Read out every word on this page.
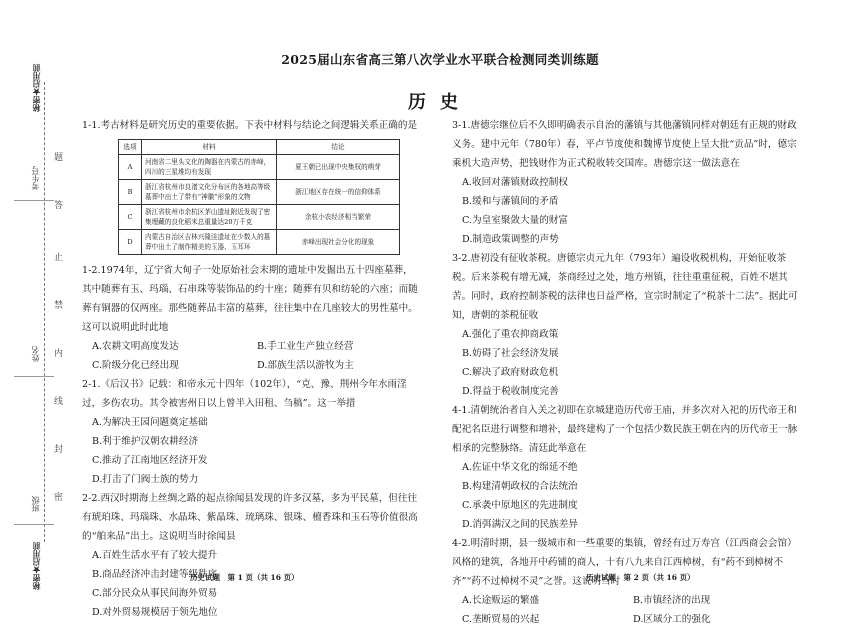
秘密★启用前
考生号
姓名
班级
秘密★启用前
题
答
止
禁
内
线
封
密
2025届山东省高三第八次学业水平联合检测同类训练题
历史
1-1.考古材料是研究历史的重要依据。下表中材料与结论之间逻辑关系正确的是
选项	材料	结论
A	河南省二里头文化的陶器在内蒙古的赤峰，四川的三星堆均有发现	夏王朝已出现中央集权的萌芽
B	浙江省杭州市良渚文化分布区的各地高等级墓葬中出土了带有“神徽”形象的文物	浙江地区存在统一的信仰体系
C	浙江省杭州市余杭区茅山遗址附近发现了密集埋藏的良化稻米总重量达20万千克	余杭小农经济相当繁荣
D	内蒙古自治区吉林兴隆洼遗址在少数人的墓葬中出土了制作精美的玉器、玉耳环	赤峰出现社会分化的现象
1-2.1974年，辽宁省大甸子一处原始社会末期的遗址中发掘出五十四座墓葬，其中随葬有玉、玛瑙、石串珠等装饰品的约十座；随葬有贝和纺轮的六座；而随葬有铜器的仅两座。那些随葬品丰富的墓葬，往往集中在几座较大的男性墓中。这可以说明此时此地
A.农耕文明高度发达	B.手工业生产独立经营
C.阶级分化已经出现	D.部族生活以游牧为主
2-1.《后汉书》记载：和帝永元十四年（102年），“克、豫、荆州今年水雨淫过，多伤农功。其令被害州日以上曾半入田租、刍稿”。这一举措
A.为解决王园问题奠定基础
B.利于维护汉朝农耕经济
C.推动了江南地区经济开发
D.打击了门阀士族的势力
2-2.西汉时期海上丝绸之路的起点徐闻县发现的许多汉墓，多为平民墓，但往往有琥珀珠、玛瑙珠、水晶珠、紫晶珠、琉璃珠、银珠、檀香珠和玉石等价值很高的“舶来品”出土。这说明当时徐闻县
A.百姓生活水平有了较大提升
B.商品经济冲击封建等级秩序
C.部分民众从事民间海外贸易
D.对外贸易规模居于领先地位
3-1.唐德宗继位后不久即明确表示自治的藩镇与其他藩镇同样对朝廷有正规的财政义务。建中元年（780年）春，平卢节度使和魏博节度使上呈大批“贡品”时，德宗乘机大造声势，把钱财作为正式税收转交国库。唐德宗这一做法意在
A.收回对藩镇财政控制权
B.缓和与藩镇间的矛盾
C.为皇室聚敛大量的财富
D.制造政策调整的声势
3-2.唐初没有征收茶税。唐德宗贞元九年（793年）遍设收税机构，开始征收茶税。后来茶税有增无减，茶商经过之处，地方州镇，往往重重征税，百姓不堪其苦。同时，政府控制茶税的法律也日益严格，宣宗时制定了“税茶十二法”。据此可知，唐朝的茶税征收
A.强化了重农抑商政策
B.妨碍了社会经济发展
C.解决了政府财政危机
D.得益于税收制度完善
4-1.清朝统治者自入关之初即在京城建造历代帝王庙，并多次对入祀的历代帝王和配祀名臣进行调整和增补，最终建构了一个包括少数民族王朝在内的历代帝王一脉相承的完整脉络。清廷此举意在
A.佐证中华文化的绵延不绝
B.构建清朝政权的合法统治
C.承袭中原地区的先进制度
D.消弭满汉之间的民族差异
4-2.明清时期，县一级城市和一些重要的集镇，曾经有过万寿宫（江西商会会馆）风格的建筑，各地开中药铺的商人，十有八九来自江西樟树，有“药不到樟树不齐”“药不过樟树不灵”之誉。这说明当时
A.长途贩运的繁盛	B.市镇经济的出现
C.垄断贸易的兴起	D.区域分工的强化
历史试题　第 1 页（共 16 页）	历史试题　第 2 页（共 16 页）
